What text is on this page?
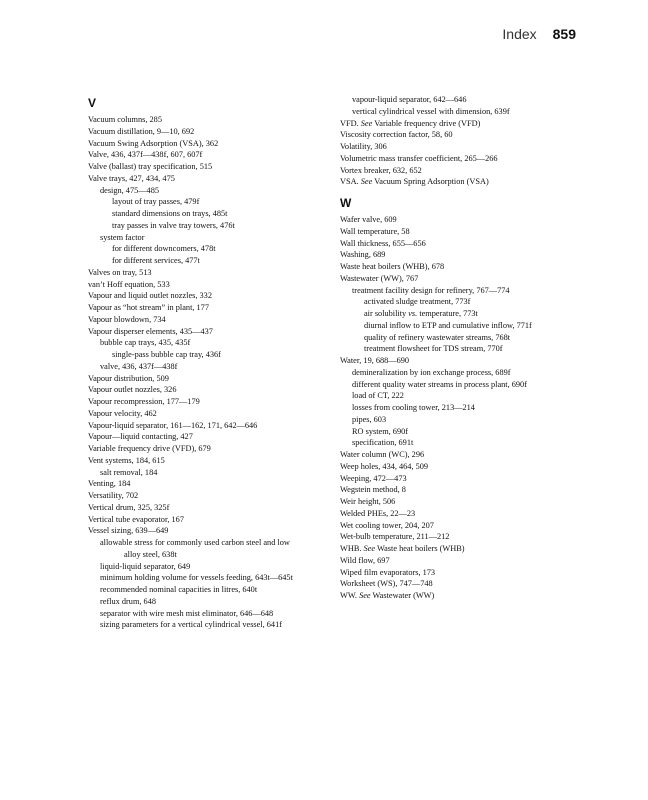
Index 859
V
Vacuum columns, 285
Vacuum distillation, 9—10, 692
Vacuum Swing Adsorption (VSA), 362
Valve, 436, 437f—438f, 607, 607f
Valve (ballast) tray specification, 515
Valve trays, 427, 434, 475
design, 475—485
layout of tray passes, 479f
standard dimensions on trays, 485t
tray passes in valve tray towers, 476t
system factor
for different downcomers, 478t
for different services, 477t
Valves on tray, 513
van’t Hoff equation, 533
Vapour and liquid outlet nozzles, 332
Vapour as “hot stream” in plant, 177
Vapour blowdown, 734
Vapour disperser elements, 435—437
bubble cap trays, 435, 435f
single-pass bubble cap tray, 436f
valve, 436, 437f—438f
Vapour distribution, 509
Vapour outlet nozzles, 326
Vapour recompression, 177—179
Vapour velocity, 462
Vapour-liquid separator, 161—162, 171, 642—646
Vapour—liquid contacting, 427
Variable frequency drive (VFD), 679
Vent systems, 184, 615
salt removal, 184
Venting, 184
Versatility, 702
Vertical drum, 325, 325f
Vertical tube evaporator, 167
Vessel sizing, 639—649
allowable stress for commonly used carbon steel and low
alloy steel, 638t
liquid-liquid separator, 649
minimum holding volume for vessels feeding, 643t—645t
recommended nominal capacities in litres, 640t
reflux drum, 648
separator with wire mesh mist eliminator, 646—648
sizing parameters for a vertical cylindrical vessel, 641f
vapour-liquid separator, 642—646
vertical cylindrical vessel with dimension, 639f
VFD. See Variable frequency drive (VFD)
Viscosity correction factor, 58, 60
Volatility, 306
Volumetric mass transfer coefficient, 265—266
Vortex breaker, 632, 652
VSA. See Vacuum Spring Adsorption (VSA)
W
Wafer valve, 609
Wall temperature, 58
Wall thickness, 655—656
Washing, 689
Waste heat boilers (WHB), 678
Wastewater (WW), 767
treatment facility design for refinery, 767—774
activated sludge treatment, 773f
air solubility vs. temperature, 773t
diurnal inflow to ETP and cumulative inflow, 771f
quality of refinery wastewater streams, 768t
treatment flowsheet for TDS stream, 770f
Water, 19, 688—690
demineralization by ion exchange process, 689f
different quality water streams in process plant, 690f
load of CT, 222
losses from cooling tower, 213—214
pipes, 603
RO system, 690f
specification, 691t
Water column (WC), 296
Weep holes, 434, 464, 509
Weeping, 472—473
Wegstein method, 8
Weir height, 506
Welded PHEs, 22—23
Wet cooling tower, 204, 207
Wet-bulb temperature, 211—212
WHB. See Waste heat boilers (WHB)
Wild flow, 697
Wiped film evaporators, 173
Worksheet (WS), 747—748
WW. See Wastewater (WW)
